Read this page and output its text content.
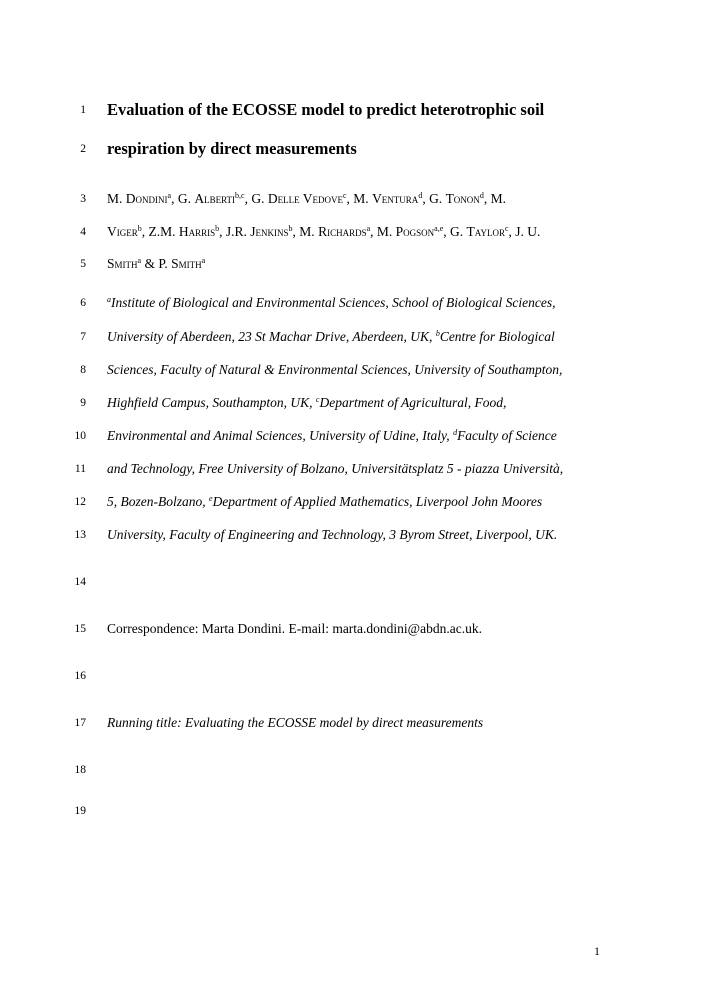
1 Evaluation of the ECOSSE model to predict heterotrophic soil
2 respiration by direct measurements
3 M. Dondini$^a$, G. Alberti$^{b,c}$, G. Delle Vedove$^c$, M. Ventura$^d$, G. Tonon$^d$, M.
4 Viger$^b$, Z.M. Harris$^b$, J.R. Jenkins$^b$, M. Richards$^a$, M. Pogson$^{a,e}$, G. Taylor$^c$, J. U.
5 Smith$^a$ & P. Smith$^a$
6	$^a$Institute of Biological and Environmental Sciences, School of Biological Sciences,
7 University of Aberdeen, 23 St Machar Drive, Aberdeen, UK, $^b$Centre for Biological
8 Sciences, Faculty of Natural & Environmental Sciences, University of Southampton,
9 Highfield Campus, Southampton, UK, $^c$Department of Agricultural, Food,
10 Environmental and Animal Sciences, University of Udine, Italy, $^d$Faculty of Science
11 and Technology, Free University of Bolzano, Universitätsplatz 5 - piazza Università,
12 5, Bozen-Bolzano, $^e$Department of Applied Mathematics, Liverpool John Moores
13 University, Faculty of Engineering and Technology, 3 Byrom Street, Liverpool, UK.
14
15 Correspondence: Marta Dondini. E-mail: marta.dondini@abdn.ac.uk.
16
17 Running title: Evaluating the ECOSSE model by direct measurements
18
19
1
